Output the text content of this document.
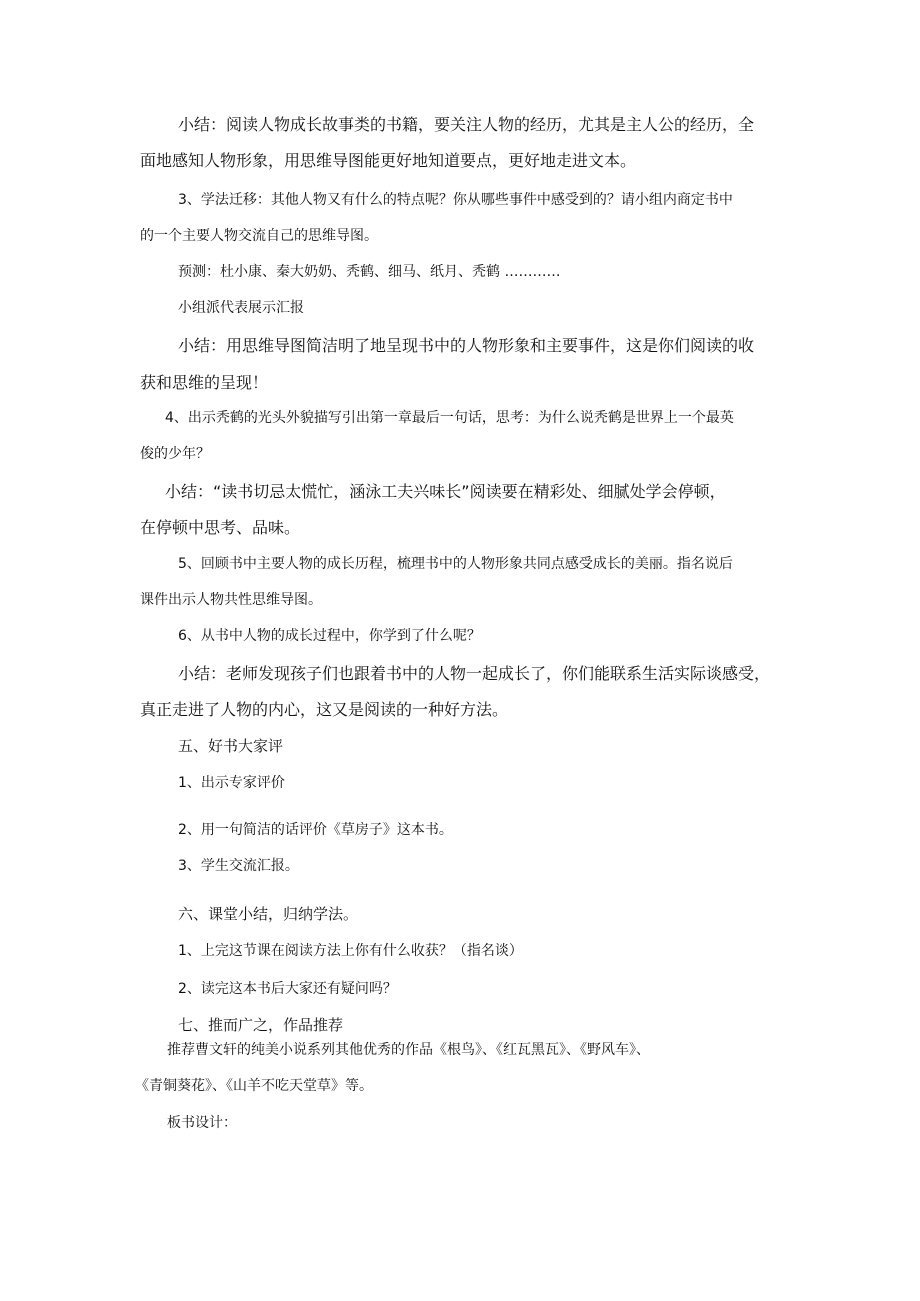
小结：阅读人物成长故事类的书籍，要关注人物的经历，尤其是主人公的经历，全
面地感知人物形象，用思维导图能更好地知道要点，更好地走进文本。
3、学法迁移：其他人物又有什么的特点呢？你从哪些事件中感受到的？请小组内商定书中
的一个主要人物交流自己的思维导图。
预测：杜小康、秦大奶奶、秃鹤、细马、纸月、秃鹤 …………
小组派代表展示汇报
小结：用思维导图简洁明了地呈现书中的人物形象和主要事件，这是你们阅读的收
获和思维的呈现！
4、出示秃鹤的光头外貌描写引出第一章最后一句话，思考：为什么说秃鹤是世界上一个最英
俊的少年？
小结：“读书切忌太慌忙，涵泳工夫兴味长”阅读要在精彩处、细腻处学会停顿，
在停顿中思考、品味。
5、回顾书中主要人物的成长历程，梳理书中的人物形象共同点感受成长的美丽。指名说后
课件出示人物共性思维导图。
6、从书中人物的成长过程中，你学到了什么呢？
小结：老师发现孩子们也跟着书中的人物一起成长了，你们能联系生活实际谈感受，
真正走进了人物的内心，这又是阅读的一种好方法。
五、好书大家评
1、出示专家评价
2、用一句简洁的话评价《草房子》这本书。
3、学生交流汇报。
六、课堂小结，归纳学法。
1、上完这节课在阅读方法上你有什么收获？（指名谈）
2、读完这本书后大家还有疑问吗？
七、推而广之，作品推荐
推荐曹文轩的纯美小说系列其他优秀的作品《根鸟》、《红瓦黑瓦》、《野风车》、
《青铜葵花》、《山羊不吃天堂草》等。
板书设计：
